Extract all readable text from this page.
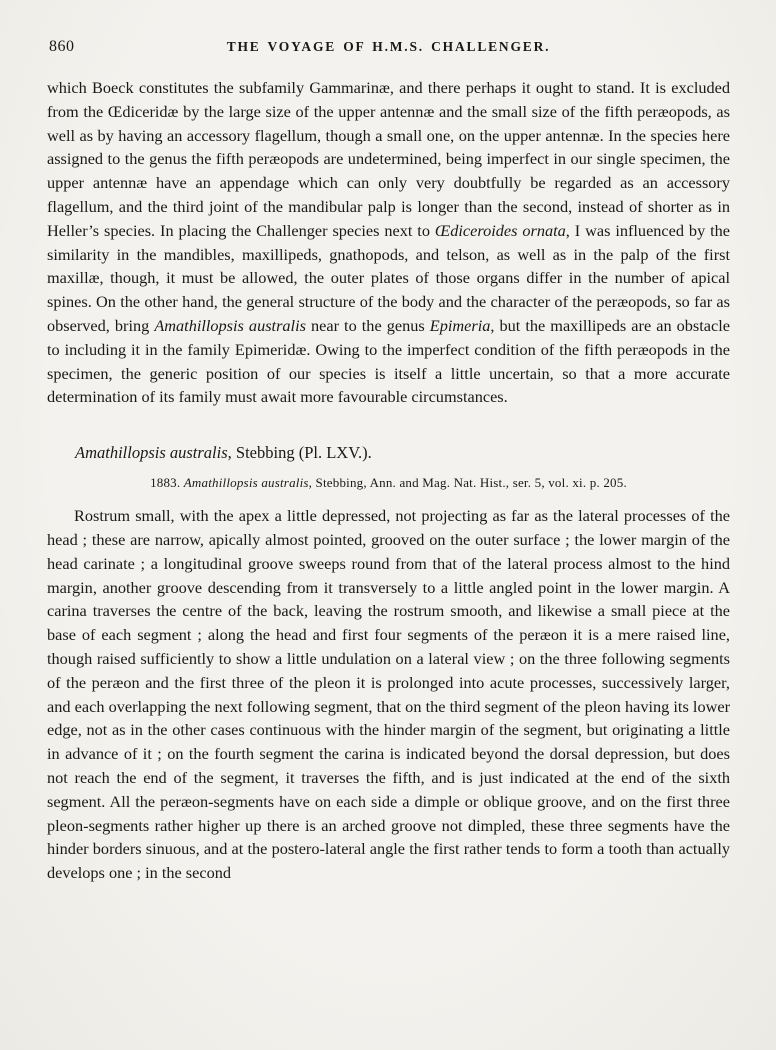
860	THE VOYAGE OF H.M.S. CHALLENGER.

which Boeck constitutes the subfamily Gammarinæ, and there perhaps it ought to stand. It is excluded from the Œdiceridæ by the large size of the upper antennæ and the small size of the fifth peræopods, as well as by having an accessory flagellum, though a small one, on the upper antennæ. In the species here assigned to the genus the fifth peræopods are undetermined, being imperfect in our single specimen, the upper antennæ have an appendage which can only very doubtfully be regarded as an accessory flagellum, and the third joint of the mandibular palp is longer than the second, instead of shorter as in Heller’s species. In placing the Challenger species next to Œdiceroides ornata, I was influenced by the similarity in the mandibles, maxillipeds, gnathopods, and telson, as well as in the palp of the first maxillæ, though, it must be allowed, the outer plates of those organs differ in the number of apical spines. On the other hand, the general structure of the body and the character of the peræopods, so far as observed, bring Amathillopsis australis near to the genus Epimeria, but the maxillipeds are an obstacle to including it in the family Epimeridæ. Owing to the imperfect condition of the fifth peræopods in the specimen, the generic position of our species is itself a little uncertain, so that a more accurate determination of its family must await more favourable circumstances.

Amathillopsis australis, Stebbing (Pl. LXV.).

1883. Amathillopsis australis, Stebbing, Ann. and Mag. Nat. Hist., ser. 5, vol. xi. p. 205.

Rostrum small, with the apex a little depressed, not projecting as far as the lateral processes of the head ; these are narrow, apically almost pointed, grooved on the outer surface ; the lower margin of the head carinate ; a longitudinal groove sweeps round from that of the lateral process almost to the hind margin, another groove descending from it transversely to a little angled point in the lower margin. A carina traverses the centre of the back, leaving the rostrum smooth, and likewise a small piece at the base of each segment ; along the head and first four segments of the peræon it is a mere raised line, though raised sufficiently to show a little undulation on a lateral view ; on the three following segments of the peræon and the first three of the pleon it is prolonged into acute processes, successively larger, and each overlapping the next following segment, that on the third segment of the pleon having its lower edge, not as in the other cases continuous with the hinder margin of the segment, but originating a little in advance of it ; on the fourth segment the carina is indicated beyond the dorsal depression, but does not reach the end of the segment, it traverses the fifth, and is just indicated at the end of the sixth segment. All the peræon-segments have on each side a dimple or oblique groove, and on the first three pleon-segments rather higher up there is an arched groove not dimpled, these three segments have the hinder borders sinuous, and at the postero-lateral angle the first rather tends to form a tooth than actually develops one ; in the second
